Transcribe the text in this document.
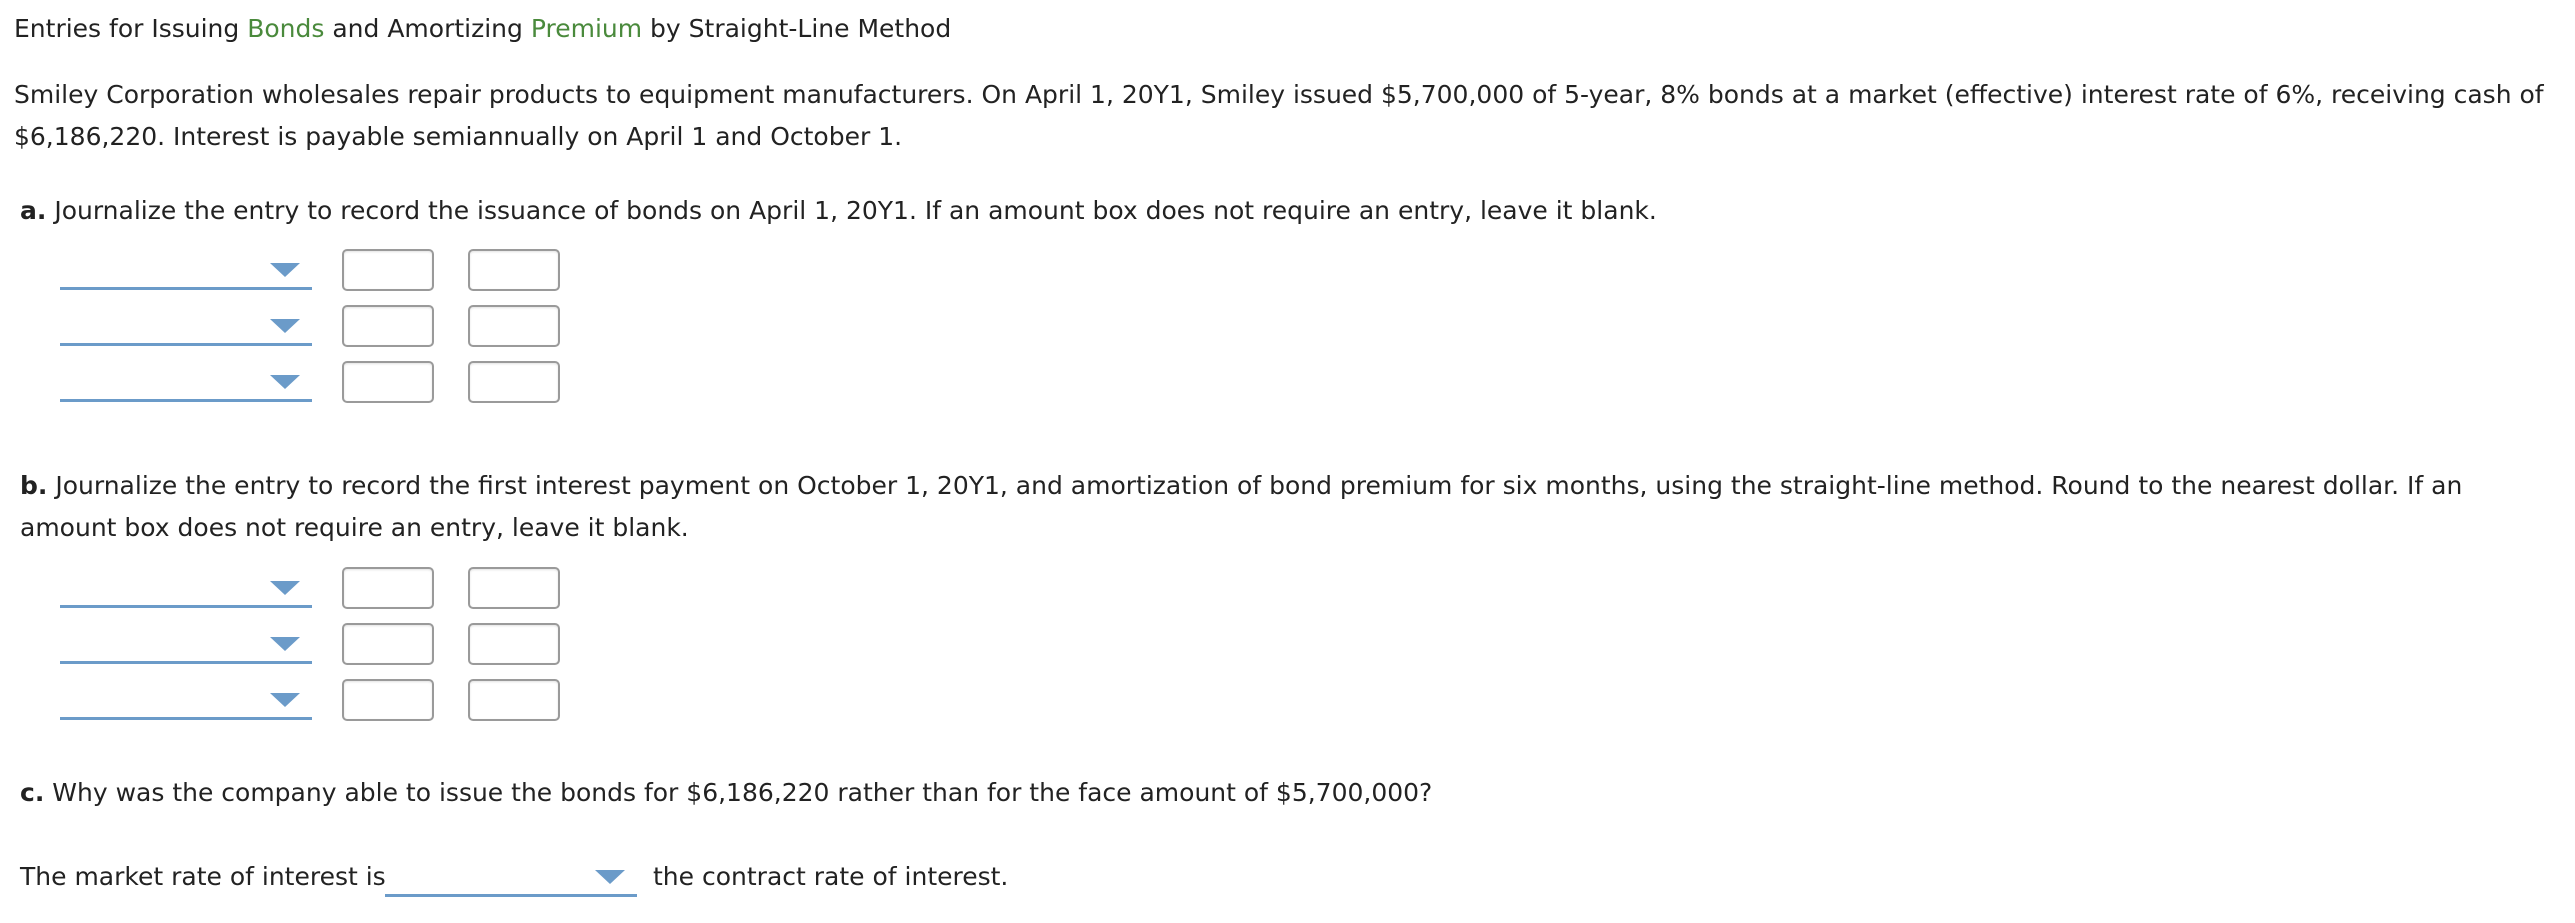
Entries for Issuing Bonds and Amortizing Premium by Straight-Line Method
Smiley Corporation wholesales repair products to equipment manufacturers. On April 1, 20Y1, Smiley issued $5,700,000 of 5-year, 8% bonds at a market (effective) interest rate of 6%, receiving cash of $6,186,220. Interest is payable semiannually on April 1 and October 1.
a. Journalize the entry to record the issuance of bonds on April 1, 20Y1. If an amount box does not require an entry, leave it blank.
b. Journalize the entry to record the first interest payment on October 1, 20Y1, and amortization of bond premium for six months, using the straight-line method. Round to the nearest dollar. If an amount box does not require an entry, leave it blank.
c. Why was the company able to issue the bonds for $6,186,220 rather than for the face amount of $5,700,000?
The market rate of interest is	the contract rate of interest.
